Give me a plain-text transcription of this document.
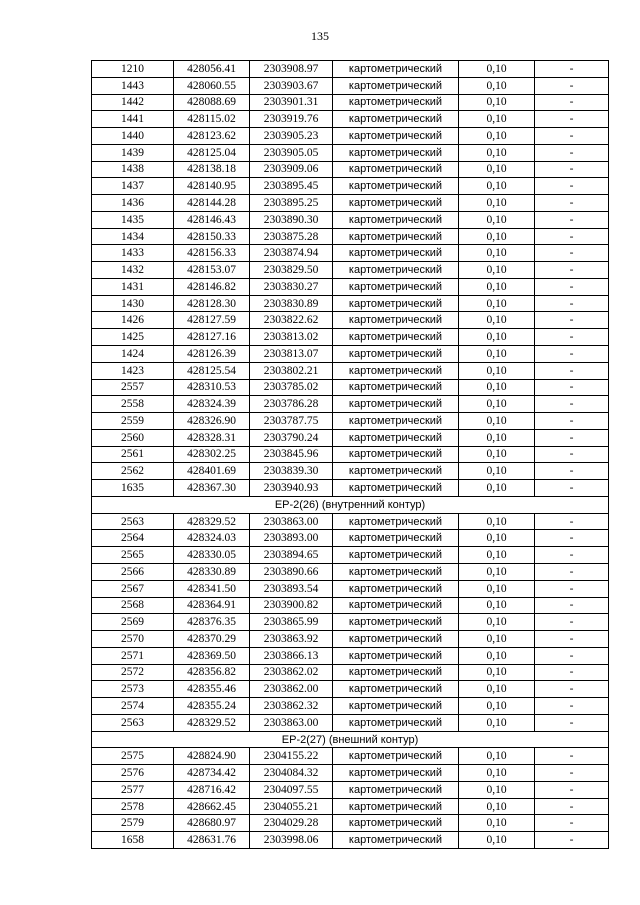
135
1210	428056.41	2303908.97	картометрический	0,10	-
1443	428060.55	2303903.67	картометрический	0,10	-
1442	428088.69	2303901.31	картометрический	0,10	-
1441	428115.02	2303919.76	картометрический	0,10	-
1440	428123.62	2303905.23	картометрический	0,10	-
1439	428125.04	2303905.05	картометрический	0,10	-
1438	428138.18	2303909.06	картометрический	0,10	-
1437	428140.95	2303895.45	картометрический	0,10	-
1436	428144.28	2303895.25	картометрический	0,10	-
1435	428146.43	2303890.30	картометрический	0,10	-
1434	428150.33	2303875.28	картометрический	0,10	-
1433	428156.33	2303874.94	картометрический	0,10	-
1432	428153.07	2303829.50	картометрический	0,10	-
1431	428146.82	2303830.27	картометрический	0,10	-
1430	428128.30	2303830.89	картометрический	0,10	-
1426	428127.59	2303822.62	картометрический	0,10	-
1425	428127.16	2303813.02	картометрический	0,10	-
1424	428126.39	2303813.07	картометрический	0,10	-
1423	428125.54	2303802.21	картометрический	0,10	-
2557	428310.53	2303785.02	картометрический	0,10	-
2558	428324.39	2303786.28	картометрический	0,10	-
2559	428326.90	2303787.75	картометрический	0,10	-
2560	428328.31	2303790.24	картометрический	0,10	-
2561	428302.25	2303845.96	картометрический	0,10	-
2562	428401.69	2303839.30	картометрический	0,10	-
1635	428367.30	2303940.93	картометрический	0,10	-
ЕР-2(26) (внутренний контур)					
2563	428329.52	2303863.00	картометрический	0,10	-
2564	428324.03	2303893.00	картометрический	0,10	-
2565	428330.05	2303894.65	картометрический	0,10	-
2566	428330.89	2303890.66	картометрический	0,10	-
2567	428341.50	2303893.54	картометрический	0,10	-
2568	428364.91	2303900.82	картометрический	0,10	-
2569	428376.35	2303865.99	картометрический	0,10	-
2570	428370.29	2303863.92	картометрический	0,10	-
2571	428369.50	2303866.13	картометрический	0,10	-
2572	428356.82	2303862.02	картометрический	0,10	-
2573	428355.46	2303862.00	картометрический	0,10	-
2574	428355.24	2303862.32	картометрический	0,10	-
2563	428329.52	2303863.00	картометрический	0,10	-
ЕР-2(27) (внешний контур)					
2575	428824.90	2304155.22	картометрический	0,10	-
2576	428734.42	2304084.32	картометрический	0,10	-
2577	428716.42	2304097.55	картометрический	0,10	-
2578	428662.45	2304055.21	картометрический	0,10	-
2579	428680.97	2304029.28	картометрический	0,10	-
1658	428631.76	2303998.06	картометрический	0,10	-
